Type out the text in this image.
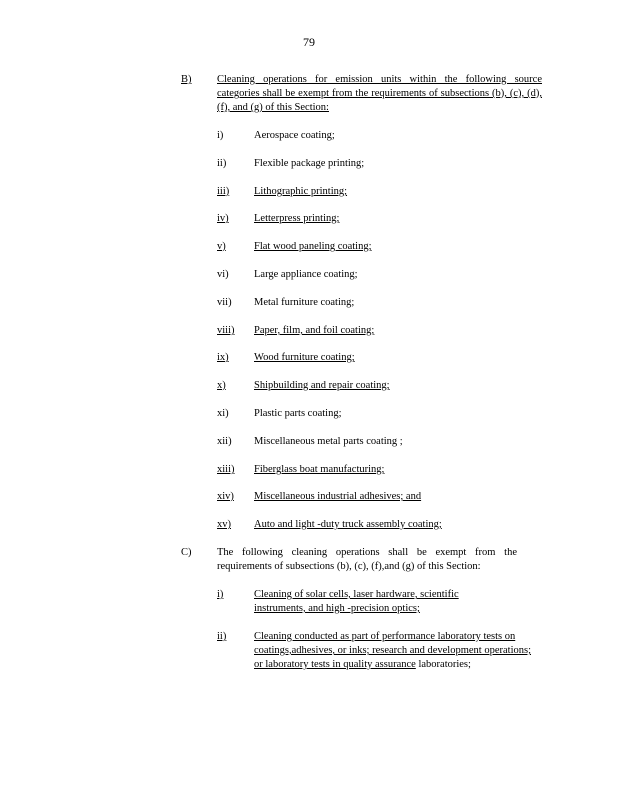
79
B) Cleaning operations for emission units within the following source categories shall be exempt from the requirements of subsections (b), (c), (d), (f), and (g) of this Section:
i)	Aerospace coating;
ii)	Flexible package printing;
iii) Lithographic printing;
iv) Letterpress printing;
v)	Flat wood paneling coating;
vi) Large appliance coating;
vii) Metal furniture coating;
viii) Paper, film, and foil coating;
ix) Wood furniture coating;
x)	Shipbuilding and repair coating;
xi) Plastic parts coating;
xii) Miscellaneous metal parts coating ;
xiii) Fiberglass boat manufacturing;
xiv) Miscellaneous industrial adhesives; and
xv) Auto and light -duty truck assembly coating;
C) The following cleaning operations shall be exempt from the requirements of subsections (b), (c), (f),and (g) of this Section:
i)	Cleaning of solar cells, laser hardware, scientific instruments, and high -precision optics;
ii)	Cleaning conducted as part of performance laboratory tests on coatings,adhesives, or inks; research and development operations; or laboratory tests in quality assurance laboratories;
